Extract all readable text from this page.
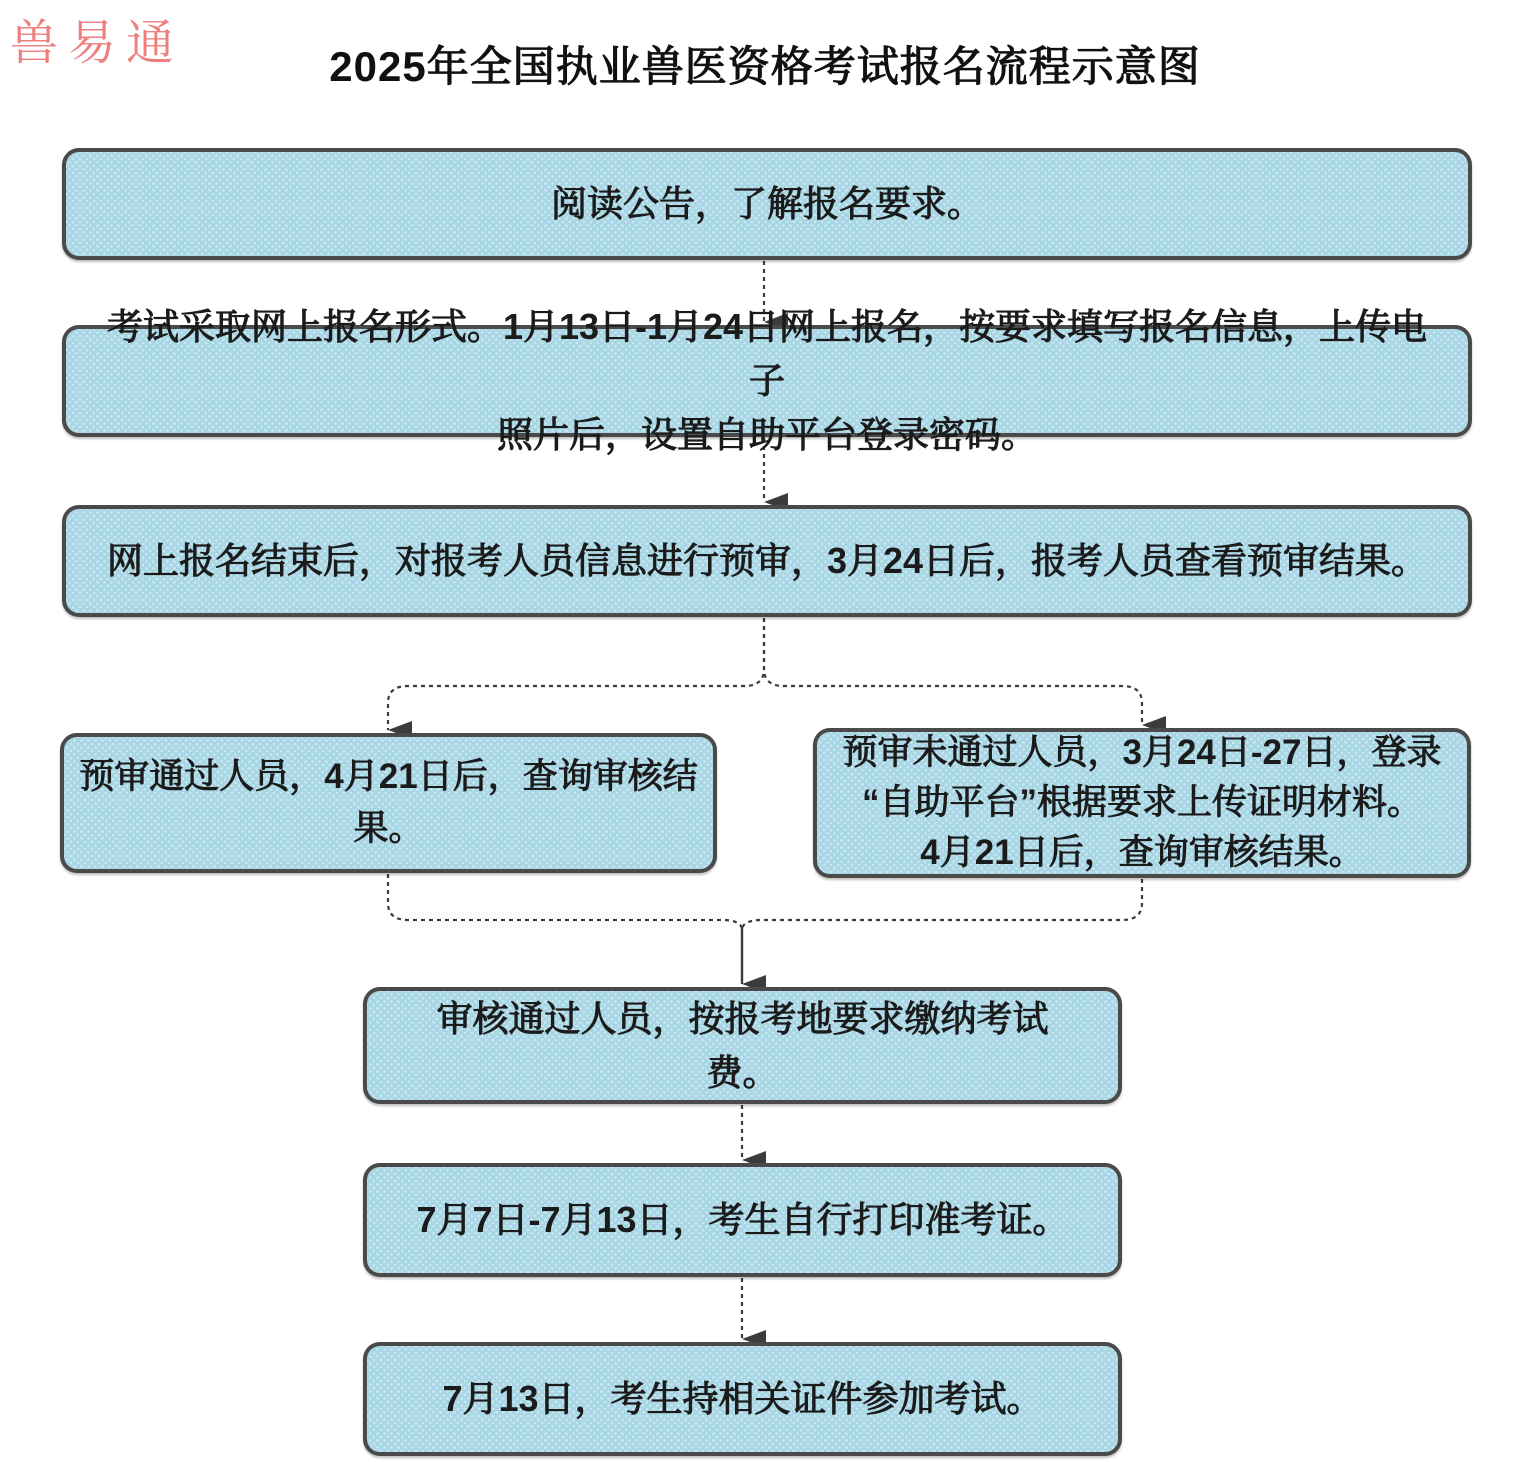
兽易通	2025年全国执业兽医资格考试报名流程示意图
阅读公告，了解报名要求。
考试采取网上报名形式。1月13日-1月24日网上报名，按要求填写报名信息，上传电子
照片后，设置自助平台登录密码。
网上报名结束后，对报考人员信息进行预审，3月24日后，报考人员查看预审结果。
预审通过人员，4月21日后，查询审核结
果。
预审未通过人员，3月24日-27日，登录
“自助平台”根据要求上传证明材料。
4月21日后，查询审核结果。
审核通过人员，按报考地要求缴纳考试费。
7月7日-7月13日，考生自行打印准考证。
7月13日，考生持相关证件参加考试。
